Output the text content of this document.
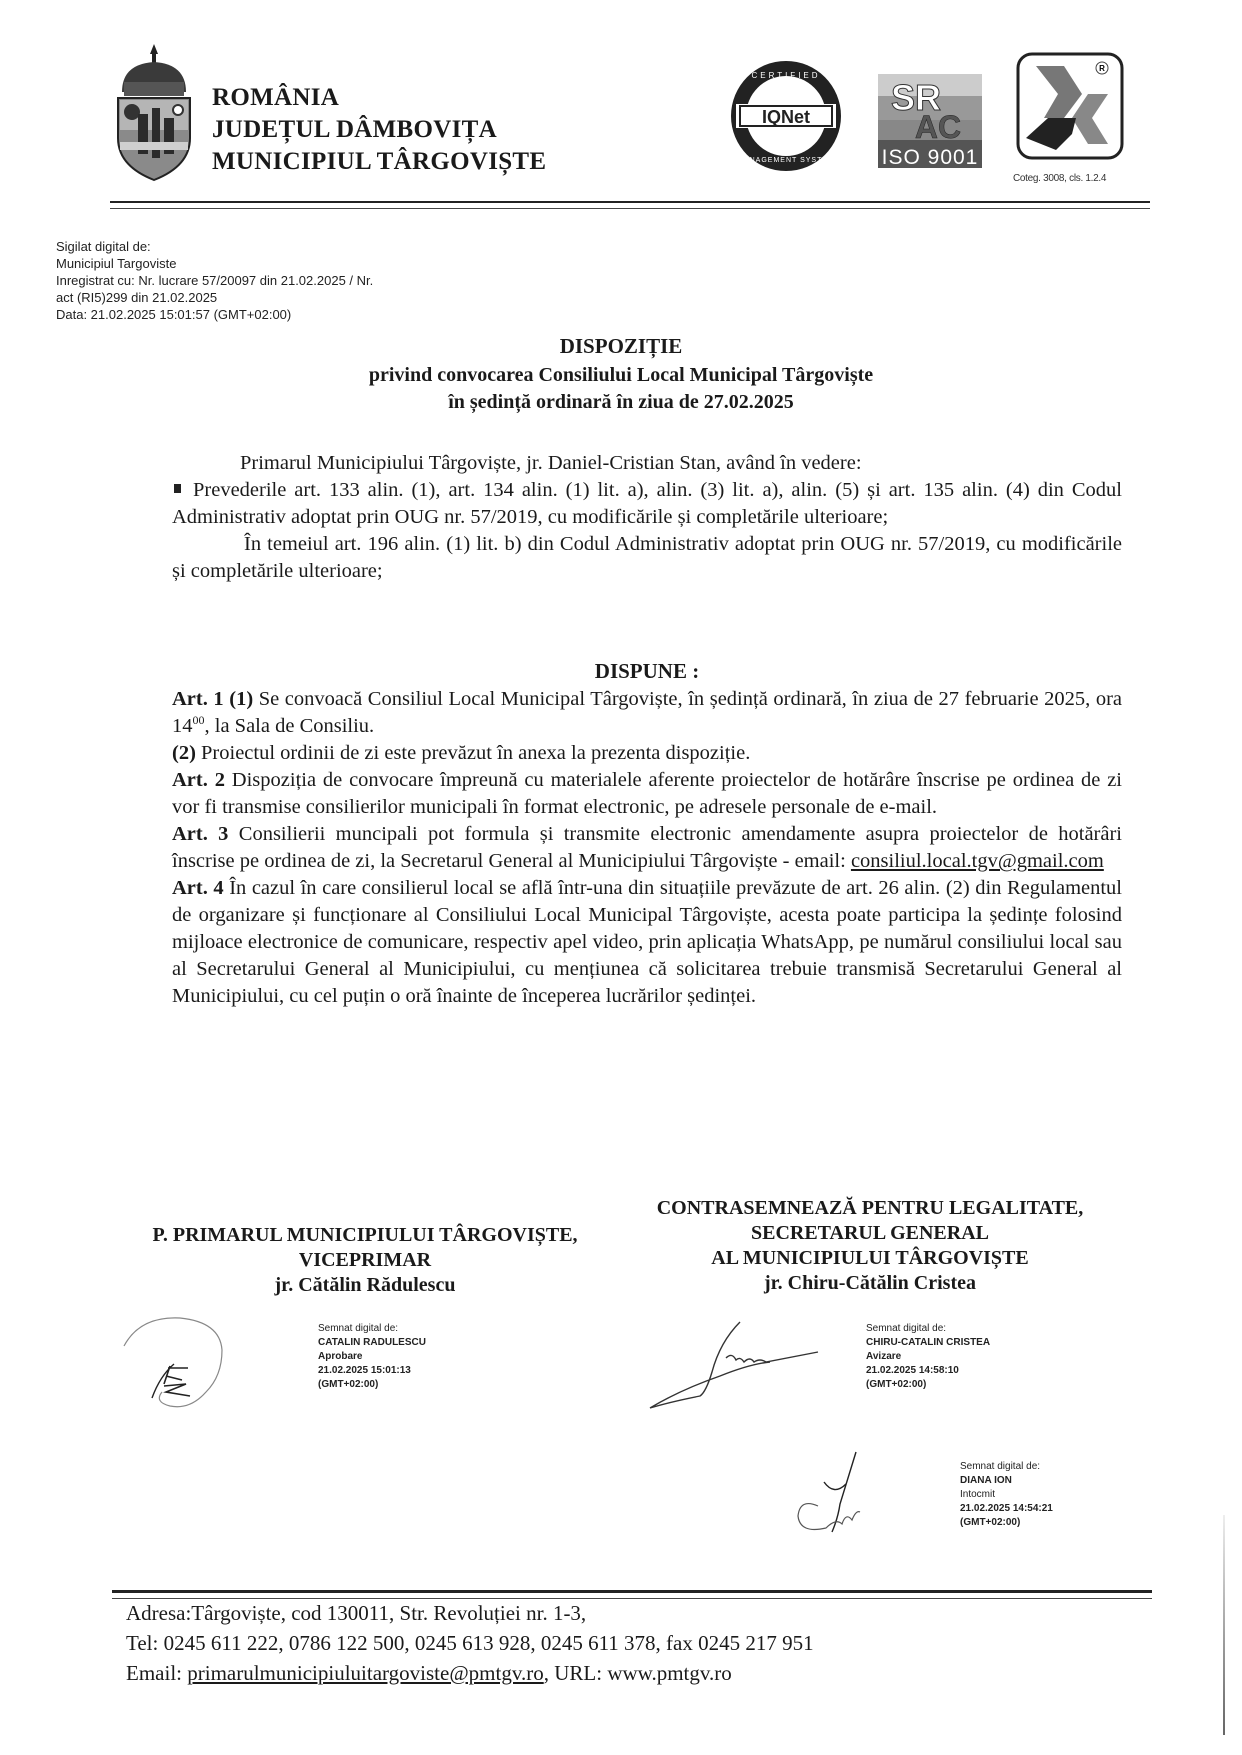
ROMÂNIA
JUDEȚUL DÂMBOVIȚA
MUNICIPIUL TÂRGOVIȘTE
IQNet
CERTIFIED
MANAGEMENT SYSTEM
SR
AC
ISO 9001
R
Coteg. 3008, cls. 1.2.4
Sigilat digital de:
Municipiul Targoviste
Inregistrat cu: Nr. lucrare 57/20097 din 21.02.2025 / Nr.
act (RI5)299 din 21.02.2025
Data: 21.02.2025 15:01:57 (GMT+02:00)
DISPOZIȚIE
privind convocarea Consiliului Local Municipal Târgoviște
în ședință ordinară în ziua de 27.02.2025
Primarul Municipiului Târgoviște, jr. Daniel-Cristian Stan, având în vedere:
Prevederile art. 133 alin. (1), art. 134 alin. (1) lit. a), alin. (3) lit. a), alin. (5) și art. 135 alin. (4) din Codul Administrativ adoptat prin OUG nr. 57/2019, cu modificările și completările ulterioare;
În temeiul art. 196 alin. (1) lit. b) din Codul Administrativ adoptat prin OUG nr. 57/2019, cu modificările și completările ulterioare;
DISPUNE :
Art. 1 (1) Se convoacă Consiliul Local Municipal Târgoviște, în ședință ordinară, în ziua de 27 februarie 2025, ora $14^{00}$, la Sala de Consiliu.
(2) Proiectul ordinii de zi este prevăzut în anexa la prezenta dispoziție.
Art. 2 Dispoziția de convocare împreună cu materialele aferente proiectelor de hotărâre înscrise pe ordinea de zi vor fi transmise consilierilor municipali în format electronic, pe adresele personale de e-mail.
Art. 3 Consilierii muncipali pot formula și transmite electronic amendamente asupra proiectelor de hotărâri înscrise pe ordinea de zi, la Secretarul General al Municipiului Târgoviște - email: consiliul.local.tgv@gmail.com
Art. 4 În cazul în care consilierul local se află într-una din situațiile prevăzute de art. 26 alin. (2) din Regulamentul de organizare și funcționare al Consiliului Local Municipal Târgoviște, acesta poate participa la ședințe folosind mijloace electronice de comunicare, respectiv apel video, prin aplicația WhatsApp, pe numărul consiliului local sau al Secretarului General al Municipiului, cu mențiunea că solicitarea trebuie transmisă Secretarului General al Municipiului, cu cel puțin o oră înainte de începerea lucrărilor ședinței.
P. PRIMARUL MUNICIPIULUI TÂRGOVIȘTE,
VICEPRIMAR
jr. Cătălin Rădulescu
CONTRASEMNEAZĂ PENTRU LEGALITATE,
SECRETARUL GENERAL
AL MUNICIPIULUI TÂRGOVIȘTE
jr. Chiru-Cătălin Cristea
Semnat digital de:
CATALIN RADULESCU
Aprobare
21.02.2025 15:01:13
(GMT+02:00)
Semnat digital de:
CHIRU-CATALIN CRISTEA
Avizare
21.02.2025 14:58:10
(GMT+02:00)
Semnat digital de:
DIANA ION
Intocmit
21.02.2025 14:54:21
(GMT+02:00)
Adresa:Târgoviște, cod 130011, Str. Revoluției nr. 1-3,
Tel: 0245 611 222, 0786 122 500, 0245 613 928, 0245 611 378, fax 0245 217 951
Email: primarulmunicipiuluitargoviste@pmtgv.ro, URL: www.pmtgv.ro
